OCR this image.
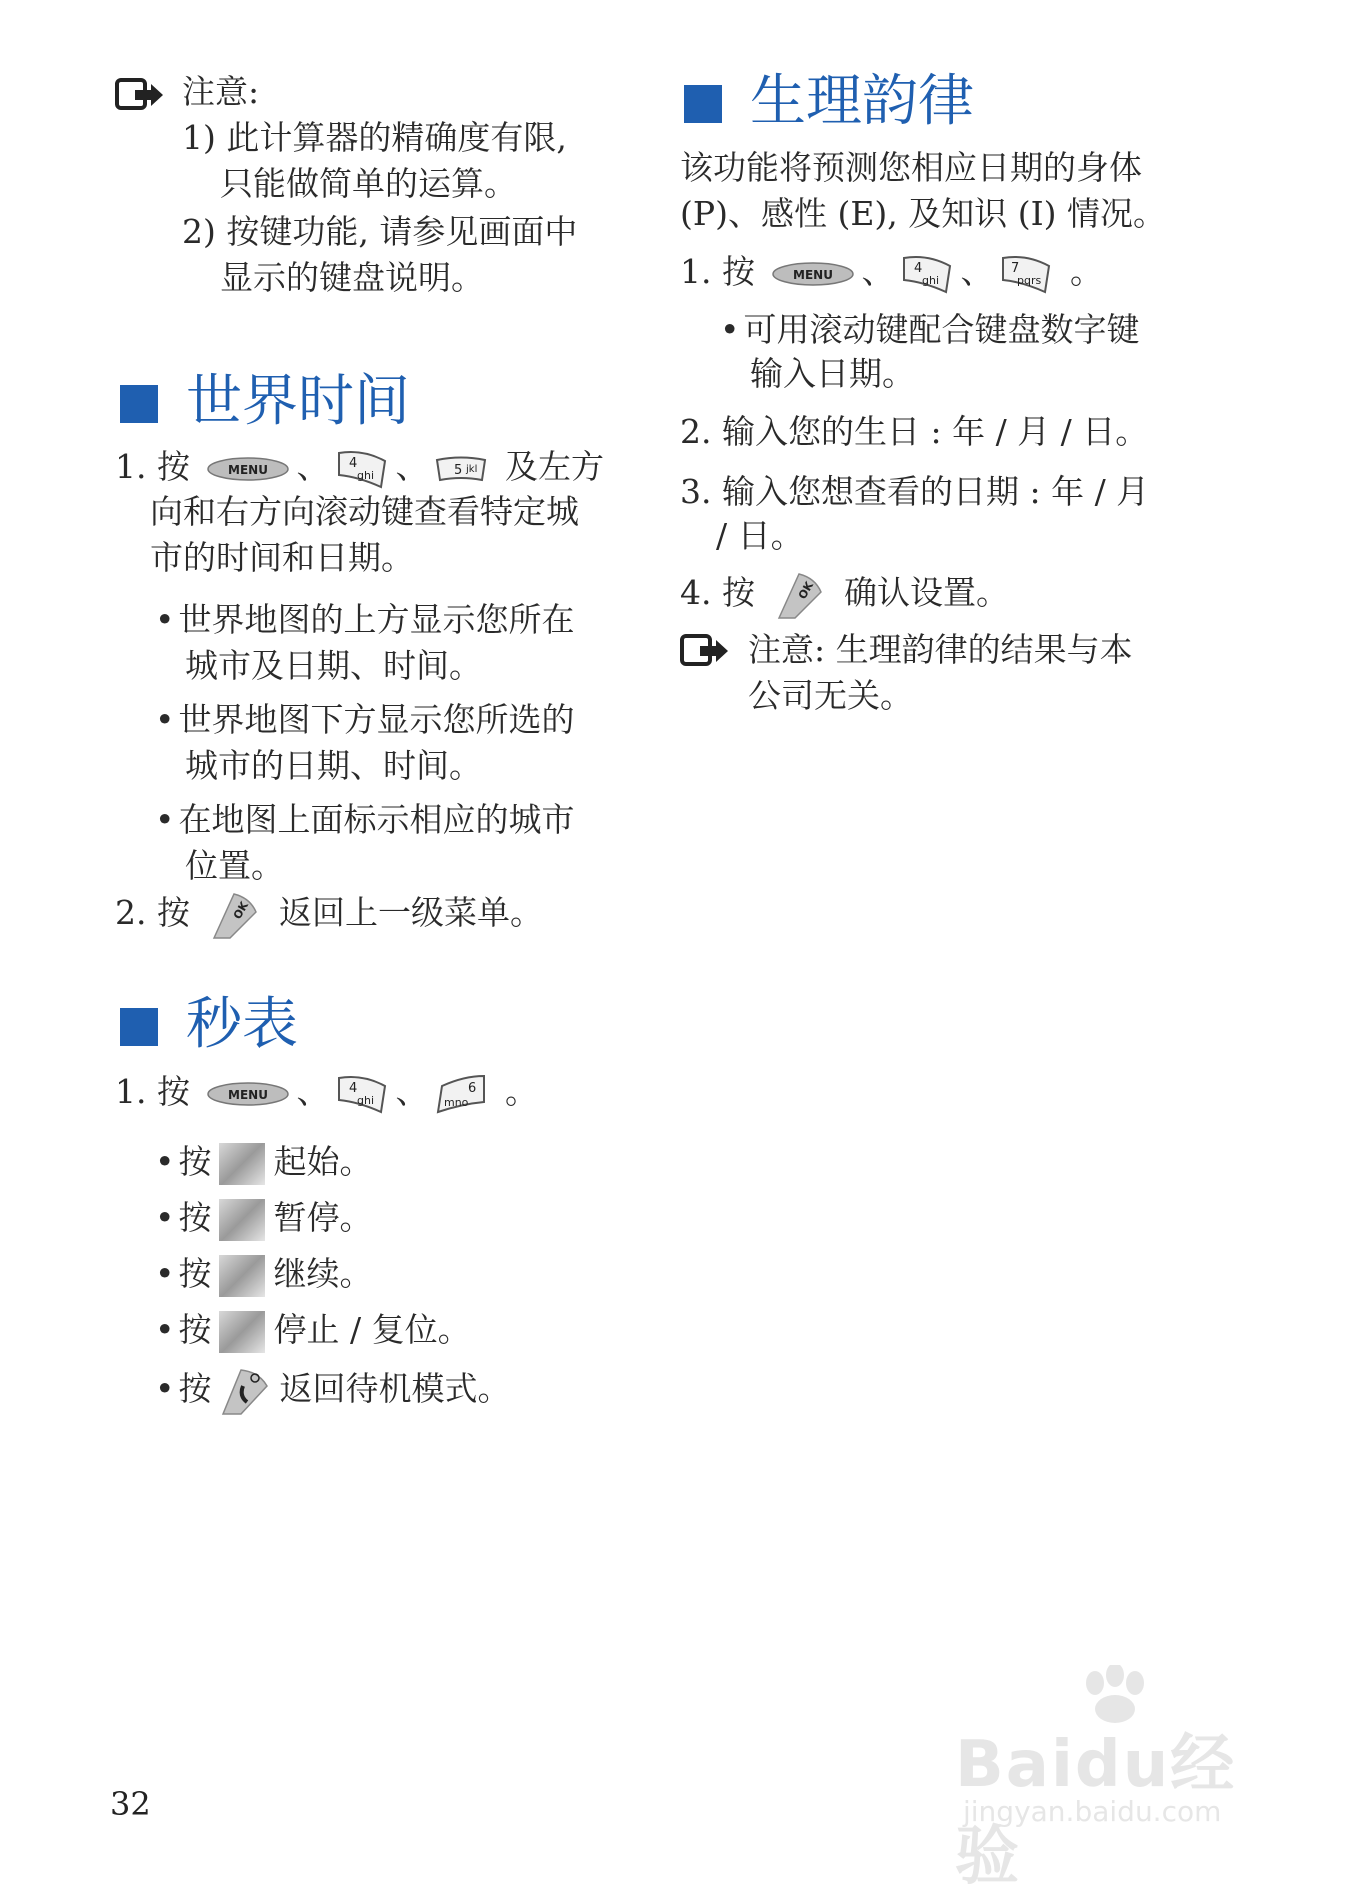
注意:
1) 此计算器的精确度有限,
只能做简单的运算。
2) 按键功能, 请参见画面中
显示的键盘说明。
世界时间
1. 按	MENU 、 4
ghi 、 5 jkl 及左方
向和右方向滚动键查看特定城
市的时间和日期。
• 世界地图的上方显示您所在
城市及日期、时间。
• 世界地图下方显示您所选的
城市的日期、时间。
• 在地图上面标示相应的城市
位置。
2. 按	OK 返回上一级菜单。
秒表
1. 按	MENU 、 4
ghi 、	6
mno 。
• 按 起始。
• 按 暂停。
• 按 继续。
• 按 停止 / 复位。
• 按 返回待机模式。
生理韵律
该功能将预测您相应日期的身体
(P)、感性 (E), 及知识 (I) 情况。
1. 按	MENU 、 4
ghi 、 7
pqrs 。
• 可用滚动键配合键盘数字键
输入日期。
2. 输入您的生日 : 年 / 月 / 日。
3. 输入您想查看的日期 : 年 / 月
/ 日。
4. 按	OK 确认设置。
注意: 生理韵律的结果与本
公司无关。
32
Baidu经验
jingyan.baidu.com
